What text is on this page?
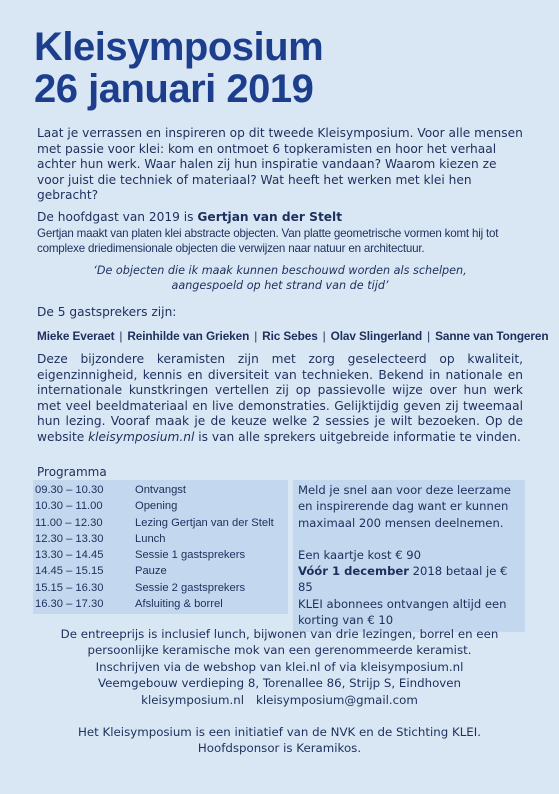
Kleisymposium
26 januari 2019

Laat je verrassen en inspireren op dit tweede Kleisymposium. Voor alle mensen met passie voor klei: kom en ontmoet 6 topkeramisten en hoor het verhaal achter hun werk. Waar halen zij hun inspiratie vandaan? Waarom kiezen ze voor juist die techniek of materiaal? Wat heeft het werken met klei hen gebracht?

De hoofdgast van 2019 is Gertjan van der Stelt

Gertjan maakt van platen klei abstracte objecten. Van platte geometrische vormen komt hij tot complexe driedimensionale objecten die verwijzen naar natuur en architectuur.

‘De objecten die ik maak kunnen beschouwd worden als schelpen,
aangespoeld op het strand van de tijd’

De 5 gastsprekers zijn:

Mieke Everaet | Reinhilde van Grieken | Ric Sebes | Olav Slingerland | Sanne van Tongeren

Deze bijzondere keramisten zijn met zorg geselecteerd op kwaliteit, eigenzinnigheid, kennis en diversiteit van technieken. Bekend in nationale en internationale kunstkringen vertellen zij op passievolle wijze over hun werk met veel beeldmateriaal en live demonstraties. Gelijktijdig geven zij tweemaal hun lezing. Vooraf maak je de keuze welke 2 sessies je wilt bezoeken. Op de website kleisymposium.nl is van alle sprekers uitgebreide informatie te vinden.

Programma
09.30 – 10.30	Ontvangst
10.30 – 11.00	Opening
11.00 – 12.30	Lezing Gertjan van der Stelt
12.30 – 13.30	Lunch
13.30 – 14.45	Sessie 1 gastsprekers
14.45 – 15.15	Pauze
15.15 – 16.30	Sessie 2 gastsprekers
16.30 – 17.30	Afsluiting & borrel

Meld je snel aan voor deze leerzame

en inspirerende dag want er kunnen

maximaal 200 mensen deelnemen.

Een kaartje kost € 90

Vóór 1 december 2018 betaal je € 85

KLEI abonnees ontvangen altijd een

korting van € 10

De entreeprijs is inclusief lunch, bijwonen van drie lezingen, borrel en een

persoonlijke keramische mok van een gerenommeerde keramist.

Inschrijven via de webshop van klei.nl of via kleisymposium.nl

Veemgebouw verdieping 8, Torenallee 86, Strijp S, Eindhoven

kleisymposium.nl kleisymposium@gmail.com

Het Kleisymposium is een initiatief van de NVK en de Stichting KLEI.

Hoofdsponsor is Keramikos.
